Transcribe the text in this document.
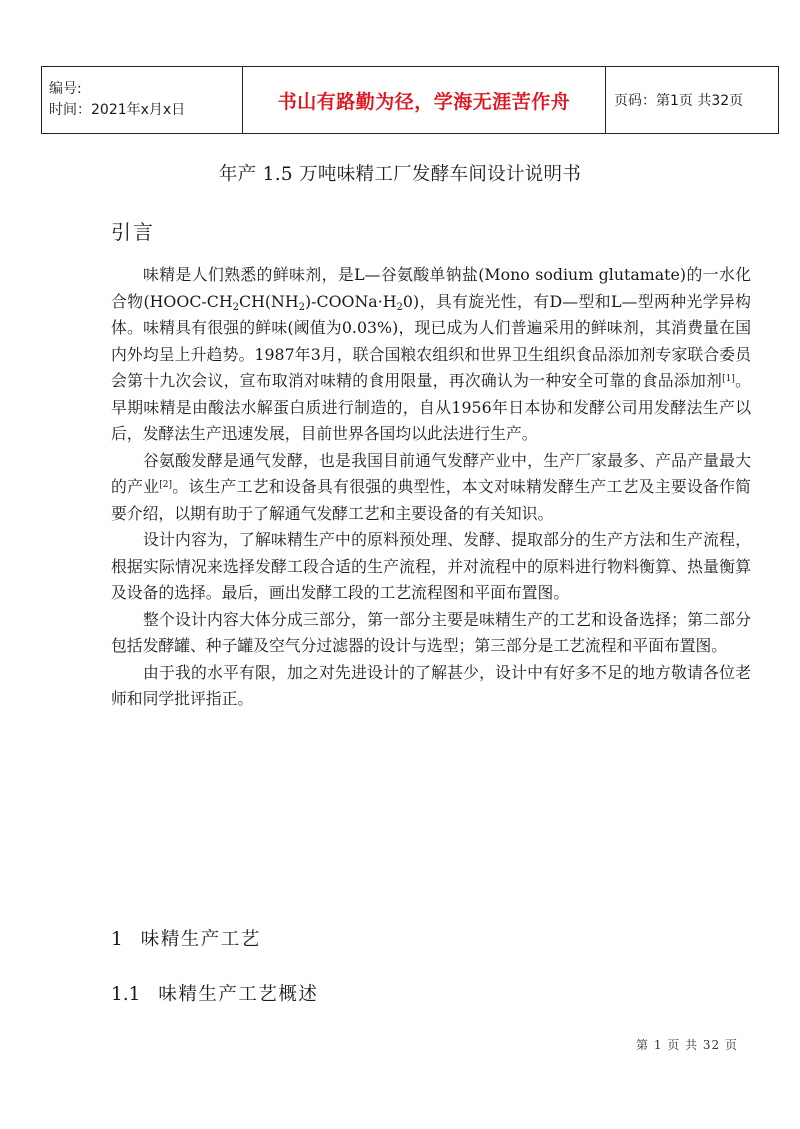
编号:
时间：2021年x月x日	书山有路勤为径，学海无涯苦作舟	页码：第1页 共32页
年产 1.5 万吨味精工厂发酵车间设计说明书
引言

味精是人们熟悉的鲜味剂，是L—谷氨酸单钠盐(Mono sodium glutamate)的一水化合物$(HOOC-CH_2CH(NH_2)-COONa\cdot H_20)$，具有旋光性，有D—型和L—型两种光学异构体。味精具有很强的鲜味(阈值为0.03%)，现已成为人们普遍采用的鲜味剂，其消费量在国内外均呈上升趋势。1987年3月，联合国粮农组织和世界卫生组织食品添加剂专家联合委员会第十九次会议，宣布取消对味精的食用限量，再次确认为一种安全可靠的食品添加剂[1]。早期味精是由酸法水解蛋白质进行制造的，自从1956年日本协和发酵公司用发酵法生产以后，发酵法生产迅速发展，目前世界各国均以此法进行生产。

谷氨酸发酵是通气发酵，也是我国目前通气发酵产业中，生产厂家最多、产品产量最大的产业[2]。该生产工艺和设备具有很强的典型性，本文对味精发酵生产工艺及主要设备作简要介绍，以期有助于了解通气发酵工艺和主要设备的有关知识。

设计内容为，了解味精生产中的原料预处理、发酵、提取部分的生产方法和生产流程，根据实际情况来选择发酵工段合适的生产流程，并对流程中的原料进行物料衡算、热量衡算及设备的选择。最后，画出发酵工段的工艺流程图和平面布置图。

整个设计内容大体分成三部分，第一部分主要是味精生产的工艺和设备选择；第二部分包括发酵罐、种子罐及空气分过滤器的设计与选型；第三部分是工艺流程和平面布置图。

由于我的水平有限，加之对先进设计的了解甚少，设计中有好多不足的地方敬请各位老师和同学批评指正。

1 味精生产工艺
1.1 味精生产工艺概述
第 1 页 共 32 页
